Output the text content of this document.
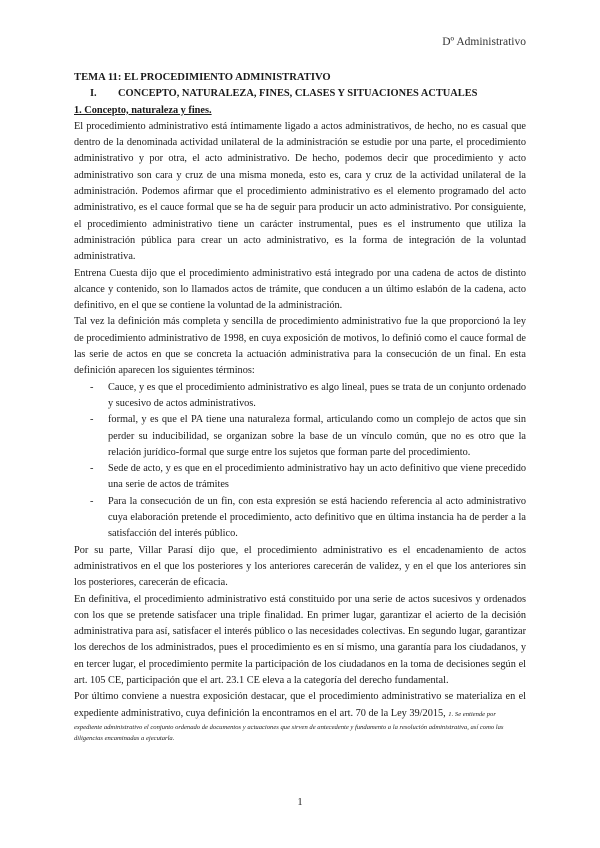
Dº Administrativo

TEMA 11: EL PROCEDIMIENTO ADMINISTRATIVO

I. CONCEPTO, NATURALEZA, FINES, CLASES Y SITUACIONES ACTUALES

1. Concepto, naturaleza y fines.

El procedimiento administrativo está íntimamente ligado a actos administrativos, de hecho, no es casual que dentro de la denominada actividad unilateral de la administración se estudie por una parte, el procedimiento administrativo y por otra, el acto administrativo. De hecho, podemos decir que procedimiento y acto administrativo son cara y cruz de una misma moneda, esto es, cara y cruz de la actividad unilateral de la administración. Podemos afirmar que el procedimiento administrativo es el elemento programado del acto administrativo, es el cauce formal que se ha de seguir para producir un acto administrativo. Por consiguiente, el procedimiento administrativo tiene un carácter instrumental, pues es el instrumento que utiliza la administración pública para crear un acto administrativo, es la forma de integración de la voluntad administrativa.

Entrena Cuesta dijo que el procedimiento administrativo está integrado por una cadena de actos de distinto alcance y contenido, son lo llamados actos de trámite, que conducen a un último eslabón de la cadena, acto definitivo, en el que se contiene la voluntad de la administración.

Tal vez la definición más completa y sencilla de procedimiento administrativo fue la que proporcionó la ley de procedimiento administrativo de 1998, en cuya exposición de motivos, lo definió como el cauce formal de las serie de actos en que se concreta la actuación administrativa para la consecución de un final. En esta definición aparecen los siguientes términos:

- Cauce, y es que el procedimiento administrativo es algo lineal, pues se trata de un conjunto ordenado y sucesivo de actos administrativos.
- formal, y es que el PA tiene una naturaleza formal, articulando como un complejo de actos que sin perder su inducibilidad, se organizan sobre la base de un vínculo común, que no es otro que la relación jurídico-formal que surge entre los sujetos que forman parte del procedimiento.
- Sede de acto, y es que en el procedimiento administrativo hay un acto definitivo que viene precedido una serie de actos de trámites
- Para la consecución de un fin, con esta expresión se está haciendo referencia al acto administrativo cuya elaboración pretende el procedimiento, acto definitivo que en última instancia ha de perder a la satisfacción del interés público.

Por su parte, Villar Parasí dijo que, el procedimiento administrativo es el encadenamiento de actos administrativos en el que los posteriores y los anteriores carecerán de validez, y en el que los anteriores sin los posteriores, carecerán de eficacia.

En definitiva, el procedimiento administrativo está constituido por una serie de actos sucesivos y ordenados con los que se pretende satisfacer una triple finalidad. En primer lugar, garantizar el acierto de la decisión administrativa para así, satisfacer el interés público o las necesidades colectivas. En segundo lugar, garantizar los derechos de los administrados, pues el procedimiento es en sí mismo, una garantía para los ciudadanos, y en tercer lugar, el procedimiento permite la participación de los ciudadanos en la toma de decisiones según el art. 105 CE, participación que el art. 23.1 CE eleva a la categoría del derecho fundamental.

Por último conviene a nuestra exposición destacar, que el procedimiento administrativo se materializa en el expediente administrativo, cuya definición la encontramos en el art. 70 de la Ley 39/2015, 1. Se entiende por

expediente administrativo el conjunto ordenado de documentos y actuaciones que sirven de antecedente y fundamento a la resolución administrativa, así como las diligencias encaminadas a ejecutarla.

1
